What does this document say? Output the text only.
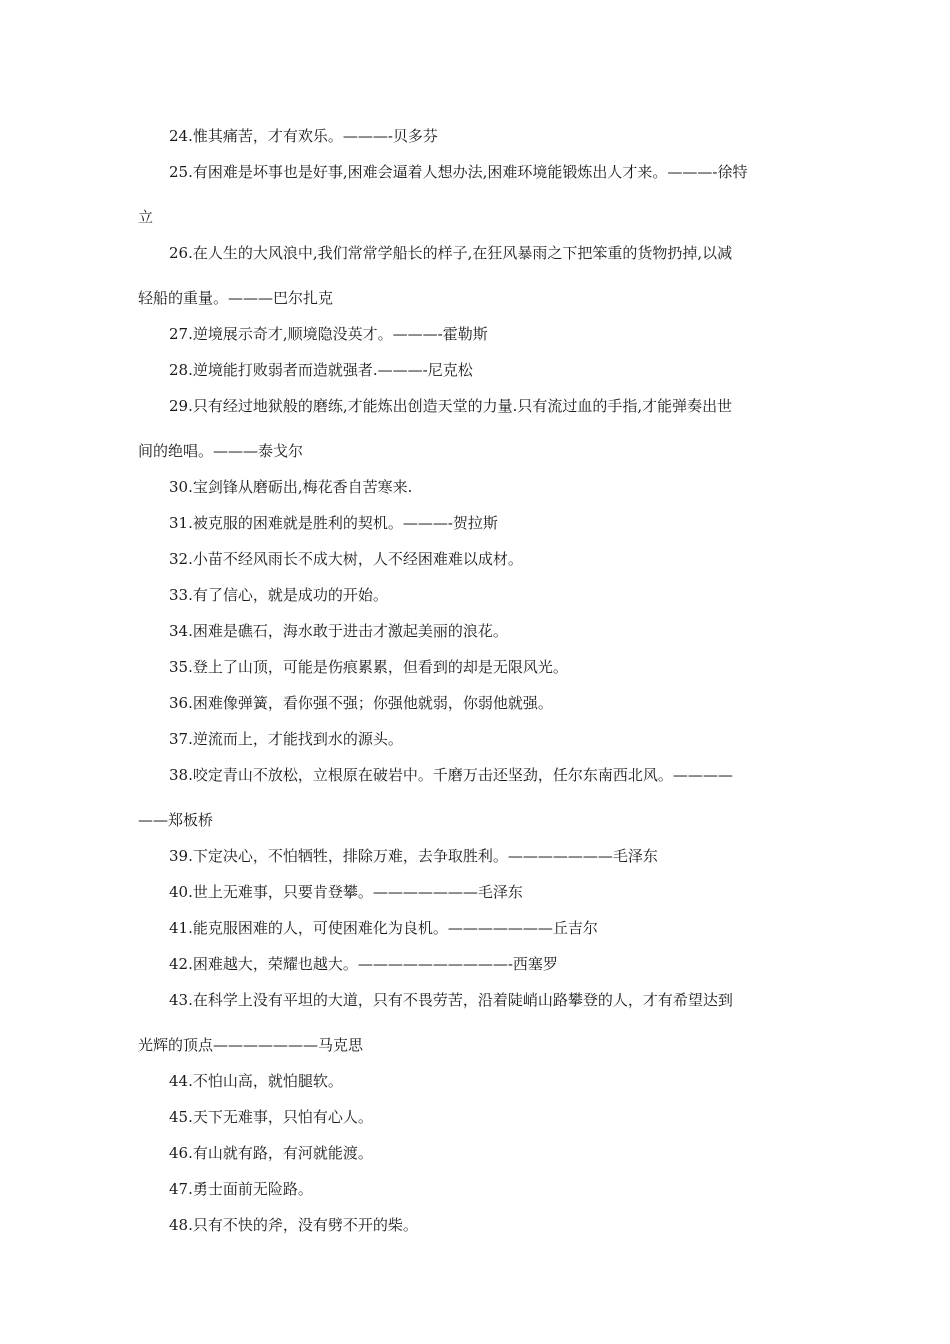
24.惟其痛苦，才有欢乐。———-贝多芬

25.有困难是坏事也是好事,困难会逼着人想办法,困难环境能锻炼出人才来。———-徐特
立

26.在人生的大风浪中,我们常常学船长的样子,在狂风暴雨之下把笨重的货物扔掉,以减
轻船的重量。———巴尔扎克

27.逆境展示奇才,顺境隐没英才。———-霍勒斯

28.逆境能打败弱者而造就强者.———-尼克松

29.只有经过地狱般的磨练,才能炼出创造天堂的力量.只有流过血的手指,才能弹奏出世
间的绝唱。———泰戈尔

30.宝剑锋从磨砺出,梅花香自苦寒来.

31.被克服的困难就是胜利的契机。———-贺拉斯

32.小苗不经风雨长不成大树，人不经困难难以成材。

33.有了信心，就是成功的开始。

34.困难是礁石，海水敢于进击才激起美丽的浪花。

35.登上了山顶，可能是伤痕累累，但看到的却是无限风光。

36.困难像弹簧，看你强不强；你强他就弱，你弱他就强。

37.逆流而上，才能找到水的源头。

38.咬定青山不放松，立根原在破岩中。千磨万击还坚劲，任尔东南西北风。————
——郑板桥

39.下定决心，不怕牺牲，排除万难，去争取胜利。———————毛泽东

40.世上无难事，只要肯登攀。———————毛泽东

41.能克服困难的人，可使困难化为良机。———————丘吉尔

42.困难越大，荣耀也越大。——————————-西塞罗

43.在科学上没有平坦的大道，只有不畏劳苦，沿着陡峭山路攀登的人，才有希望达到
光辉的顶点———————马克思

44.不怕山高，就怕腿软。

45.天下无难事，只怕有心人。

46.有山就有路，有河就能渡。

47.勇士面前无险路。

48.只有不快的斧，没有劈不开的柴。
